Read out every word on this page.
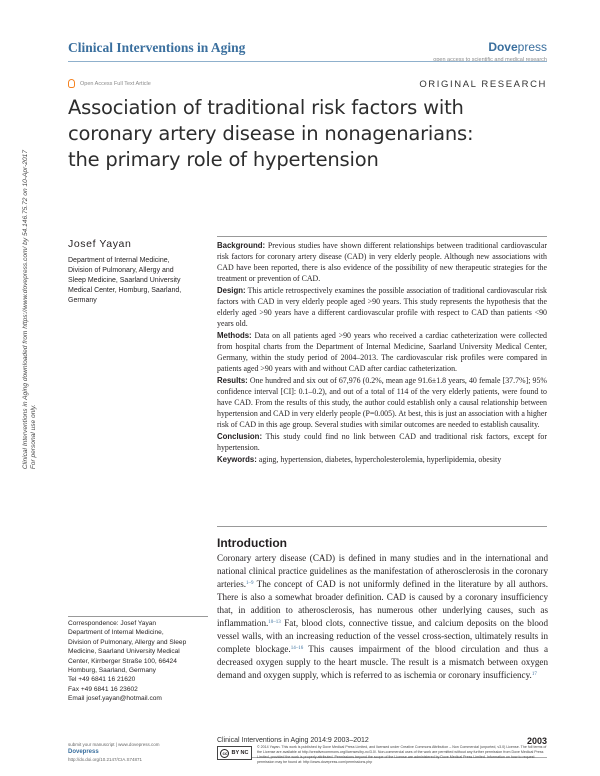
Clinical Interventions in Aging downloaded from https://www.dovepress.com/ by 54.146.75.72 on 10-Apr-2017 For personal use only.
Clinical Interventions in Aging	Dovepress
open access to scientific and medical research
Open Access Full Text Article	ORIGINAL RESEARCH
Association of traditional risk factors with
coronary artery disease in nonagenarians:
the primary role of hypertension
Josef Yayan
Department of Internal Medicine,
Division of Pulmonary, Allergy and
Sleep Medicine, Saarland University
Medical Center, Homburg, Saarland,
Germany

Background: Previous studies have shown different relationships between traditional cardiovascular risk factors for coronary artery disease (CAD) in very elderly people. Although new associations with CAD have been reported, there is also evidence of the possibility of new therapeutic strategies for the treatment or prevention of CAD.

Design: This article retrospectively examines the possible association of traditional cardiovascular risk factors with CAD in very elderly people aged >90 years. This study represents the hypothesis that the elderly aged >90 years have a different cardiovascular profile with respect to CAD than patients <90 years old.

Methods: Data on all patients aged >90 years who received a cardiac catheterization were collected from hospital charts from the Department of Internal Medicine, Saarland University Medical Center, Germany, within the study period of 2004–2013. The cardiovascular risk profiles were compared in patients aged >90 years with and without CAD after cardiac catheterization.

Results: One hundred and six out of 67,976 (0.2%, mean age 91.6±1.8 years, 40 female [37.7%]; 95% confidence interval [CI]: 0.1–0.2), and out of a total of 114 of the very elderly patients, were found to have CAD. From the results of this study, the author could establish only a causal relationship between hypertension and CAD in very elderly people (P=0.005). At best, this is just an association with a higher risk of CAD in this age group. Several studies with similar outcomes are needed to establish causality.

Conclusion: This study could find no link between CAD and traditional risk factors, except for hypertension.

Keywords: aging, hypertension, diabetes, hypercholesterolemia, hyperlipidemia, obesity

Introduction
Coronary artery disease (CAD) is defined in many studies and in the international and national clinical practice guidelines as the manifestation of atherosclerosis in the coronary arteries.$^{1-9}$ The concept of CAD is not uniformly defined in the literature by all authors. There is also a somewhat broader definition. CAD is caused by a coronary insufficiency that, in addition to atherosclerosis, has numerous other underlying causes, such as inflammation.$^{10-13}$ Fat, blood clots, connective tissue, and calcium deposits on the blood vessel walls, with an increasing reduction of the vessel cross-section, ultimately results in complete blockage.$^{14-16}$ This causes impairment of the blood circulation and thus a decreased oxygen supply to the heart muscle. The result is a mismatch between oxygen demand and oxygen supply, which is referred to as ischemia or coronary insufficiency.$^{17}$
Correspondence: Josef Yayan
Department of Internal Medicine,
Division of Pulmonary, Allergy and Sleep
Medicine, Saarland University Medical
Center, Kirrberger Straße 100, 66424
Homburg, Saarland, Germany
Tel +49 6841 16 21620
Fax +49 6841 16 23602
Email josef.yayan@hotmail.com
submit your manuscript | www.dovepress.com
Dovepress
http://dx.doi.org/10.2147/CIA.S74871
Clinical Interventions in Aging 2014:9 2003–2012	2003
cc BY NC
© 2014 Yayan. This work is published by Dove Medical Press Limited, and licensed under Creative Commons Attribution – Non Commercial (unported, v3.0) License. The full terms of the License are available at http://creativecommons.org/licenses/by-nc/3.0/. Non-commercial uses of the work are permitted without any further permission from Dove Medical Press Limited, provided the work is properly attributed. Permissions beyond the scope of the License are administered by Dove Medical Press Limited. Information on how to request permission may be found at: http://www.dovepress.com/permissions.php
